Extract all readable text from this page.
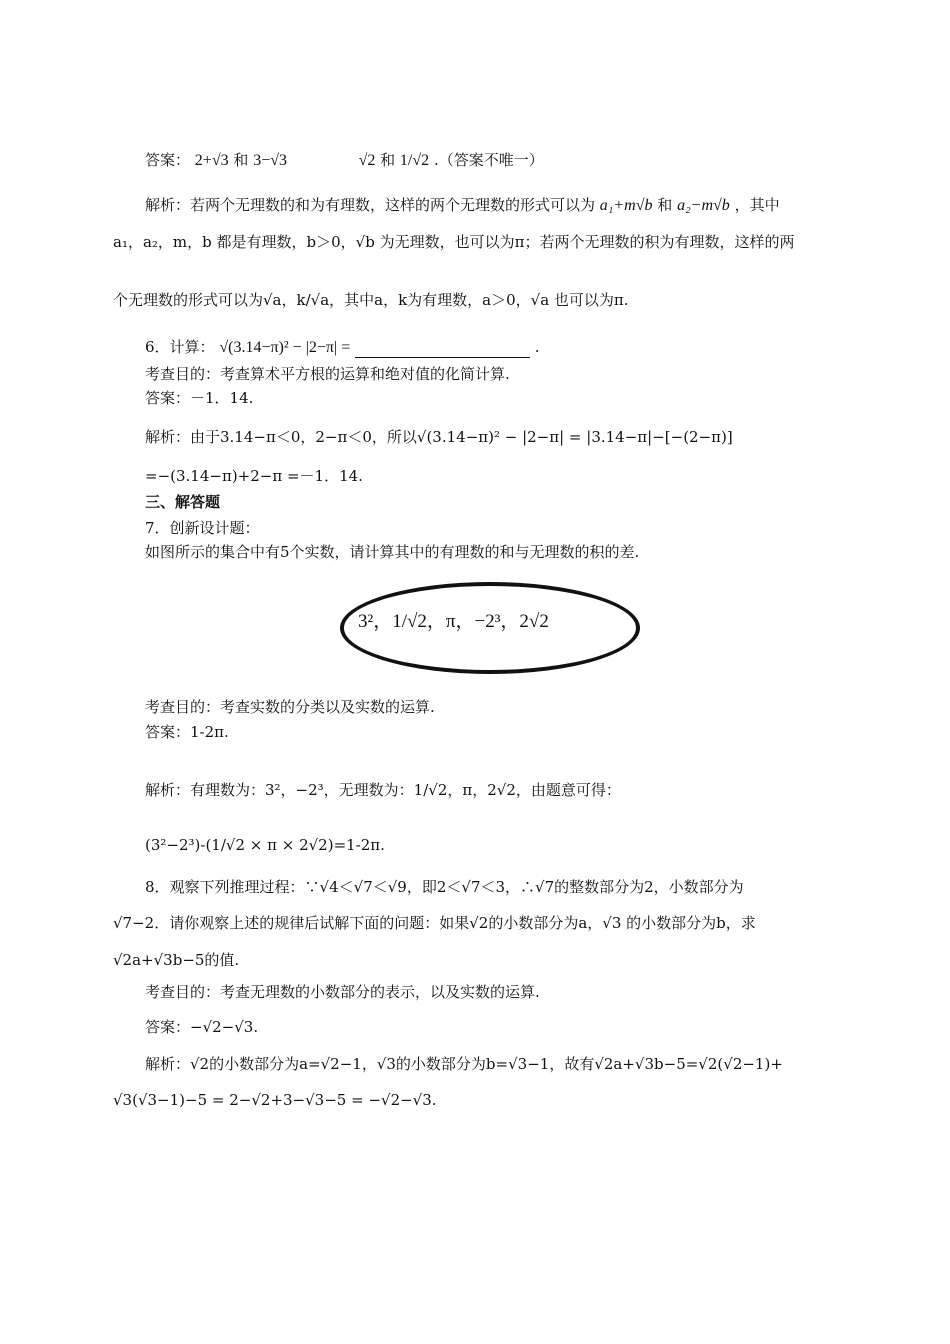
答案： 2+√3 和 3−√3	√2 和 1/√2 .（答案不唯一）
解析：若两个无理数的和为有理数，这样的两个无理数的形式可以为 a₁+m√b 和 a₂−m√b ，其中
a₁，a₂，m，b 都是有理数，b＞0，√b 为无理数，也可以为π；若两个无理数的积为有理数，这样的两
个无理数的形式可以为√a，k/√a，其中a，k为有理数，a＞0，√a 也可以为π.
6．计算： √(3.14−π)² − |2−π| =	.
考查目的：考查算术平方根的运算和绝对值的化简计算.
答案：－1．14.
解析：由于3.14−π＜0，2−π＜0，所以√(3.14−π)² − |2−π| = |3.14−π|−[−(2−π)]
=−(3.14−π)+2−π =－1．14.
三、解答题
7．创新设计题：
如图所示的集合中有5个实数，请计算其中的有理数的和与无理数的积的差.
3²，1/√2，π，−2³，2√2
考查目的：考查实数的分类以及实数的运算.
答案：1-2π.
解析：有理数为：3²，−2³，无理数为：1/√2，π，2√2，由题意可得：
(3²−2³)-(1/√2 × π × 2√2)=1-2π.
8．观察下列推理过程：∵√4＜√7＜√9，即2＜√7＜3，∴√7的整数部分为2，小数部分为
√7−2．请你观察上述的规律后试解下面的问题：如果√2的小数部分为a，√3 的小数部分为b，求
√2a+√3b−5的值.
考查目的：考查无理数的小数部分的表示，以及实数的运算.
答案：−√2−√3.
解析：√2的小数部分为a=√2−1，√3的小数部分为b=√3−1，故有√2a+√3b−5=√2(√2−1)+
√3(√3−1)−5 = 2−√2+3−√3−5 = −√2−√3.
